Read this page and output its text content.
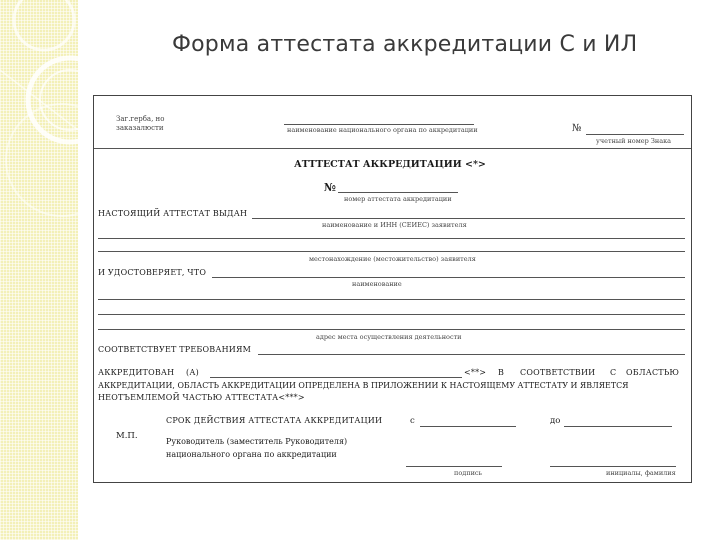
Форма аттестата аккредитации С и ИЛ
Заг.герба, но
заказалюсти	наименование национального органа по аккредитации	№
учетный номер Знака
АТТТЕСТАТ АККРЕДИТАЦИИ <*>
№
номер аттестата аккредитации
НАСТОЯЩИЙ АТТЕСТАТ ВЫДАН
наименование и ИНН (СЕИЕС) заявителя
местонахождение (местожительство) заявителя
И УДОСТОВЕРЯЕТ, ЧТО
наименование
адрес места осуществления деятельности
СООТВЕТСТВУЕТ ТРЕБОВАНИЯМ
АККРЕДИТОВАН (А)	<**> В СООТВЕТСТВИИ С ОБЛАСТЬЮ
АККРЕДИТАЦИИ, ОБЛАСТЬ АККРЕДИТАЦИИ ОПРЕДЕЛЕНА В ПРИЛОЖЕНИИ К НАСТОЯЩЕМУ АТТЕСТАТУ И ЯВЛЯЕТСЯ
НЕОТЪЕМЛЕМОЙ ЧАСТЬЮ АТТЕСТАТА<***>
СРОК ДЕЙСТВИЯ АТТЕСТАТА АККРЕДИТАЦИИ	с	до
М.П.
Руководитель (заместитель Руководителя)
национального органа по аккредитации
подпись	инициалы, фамилия
